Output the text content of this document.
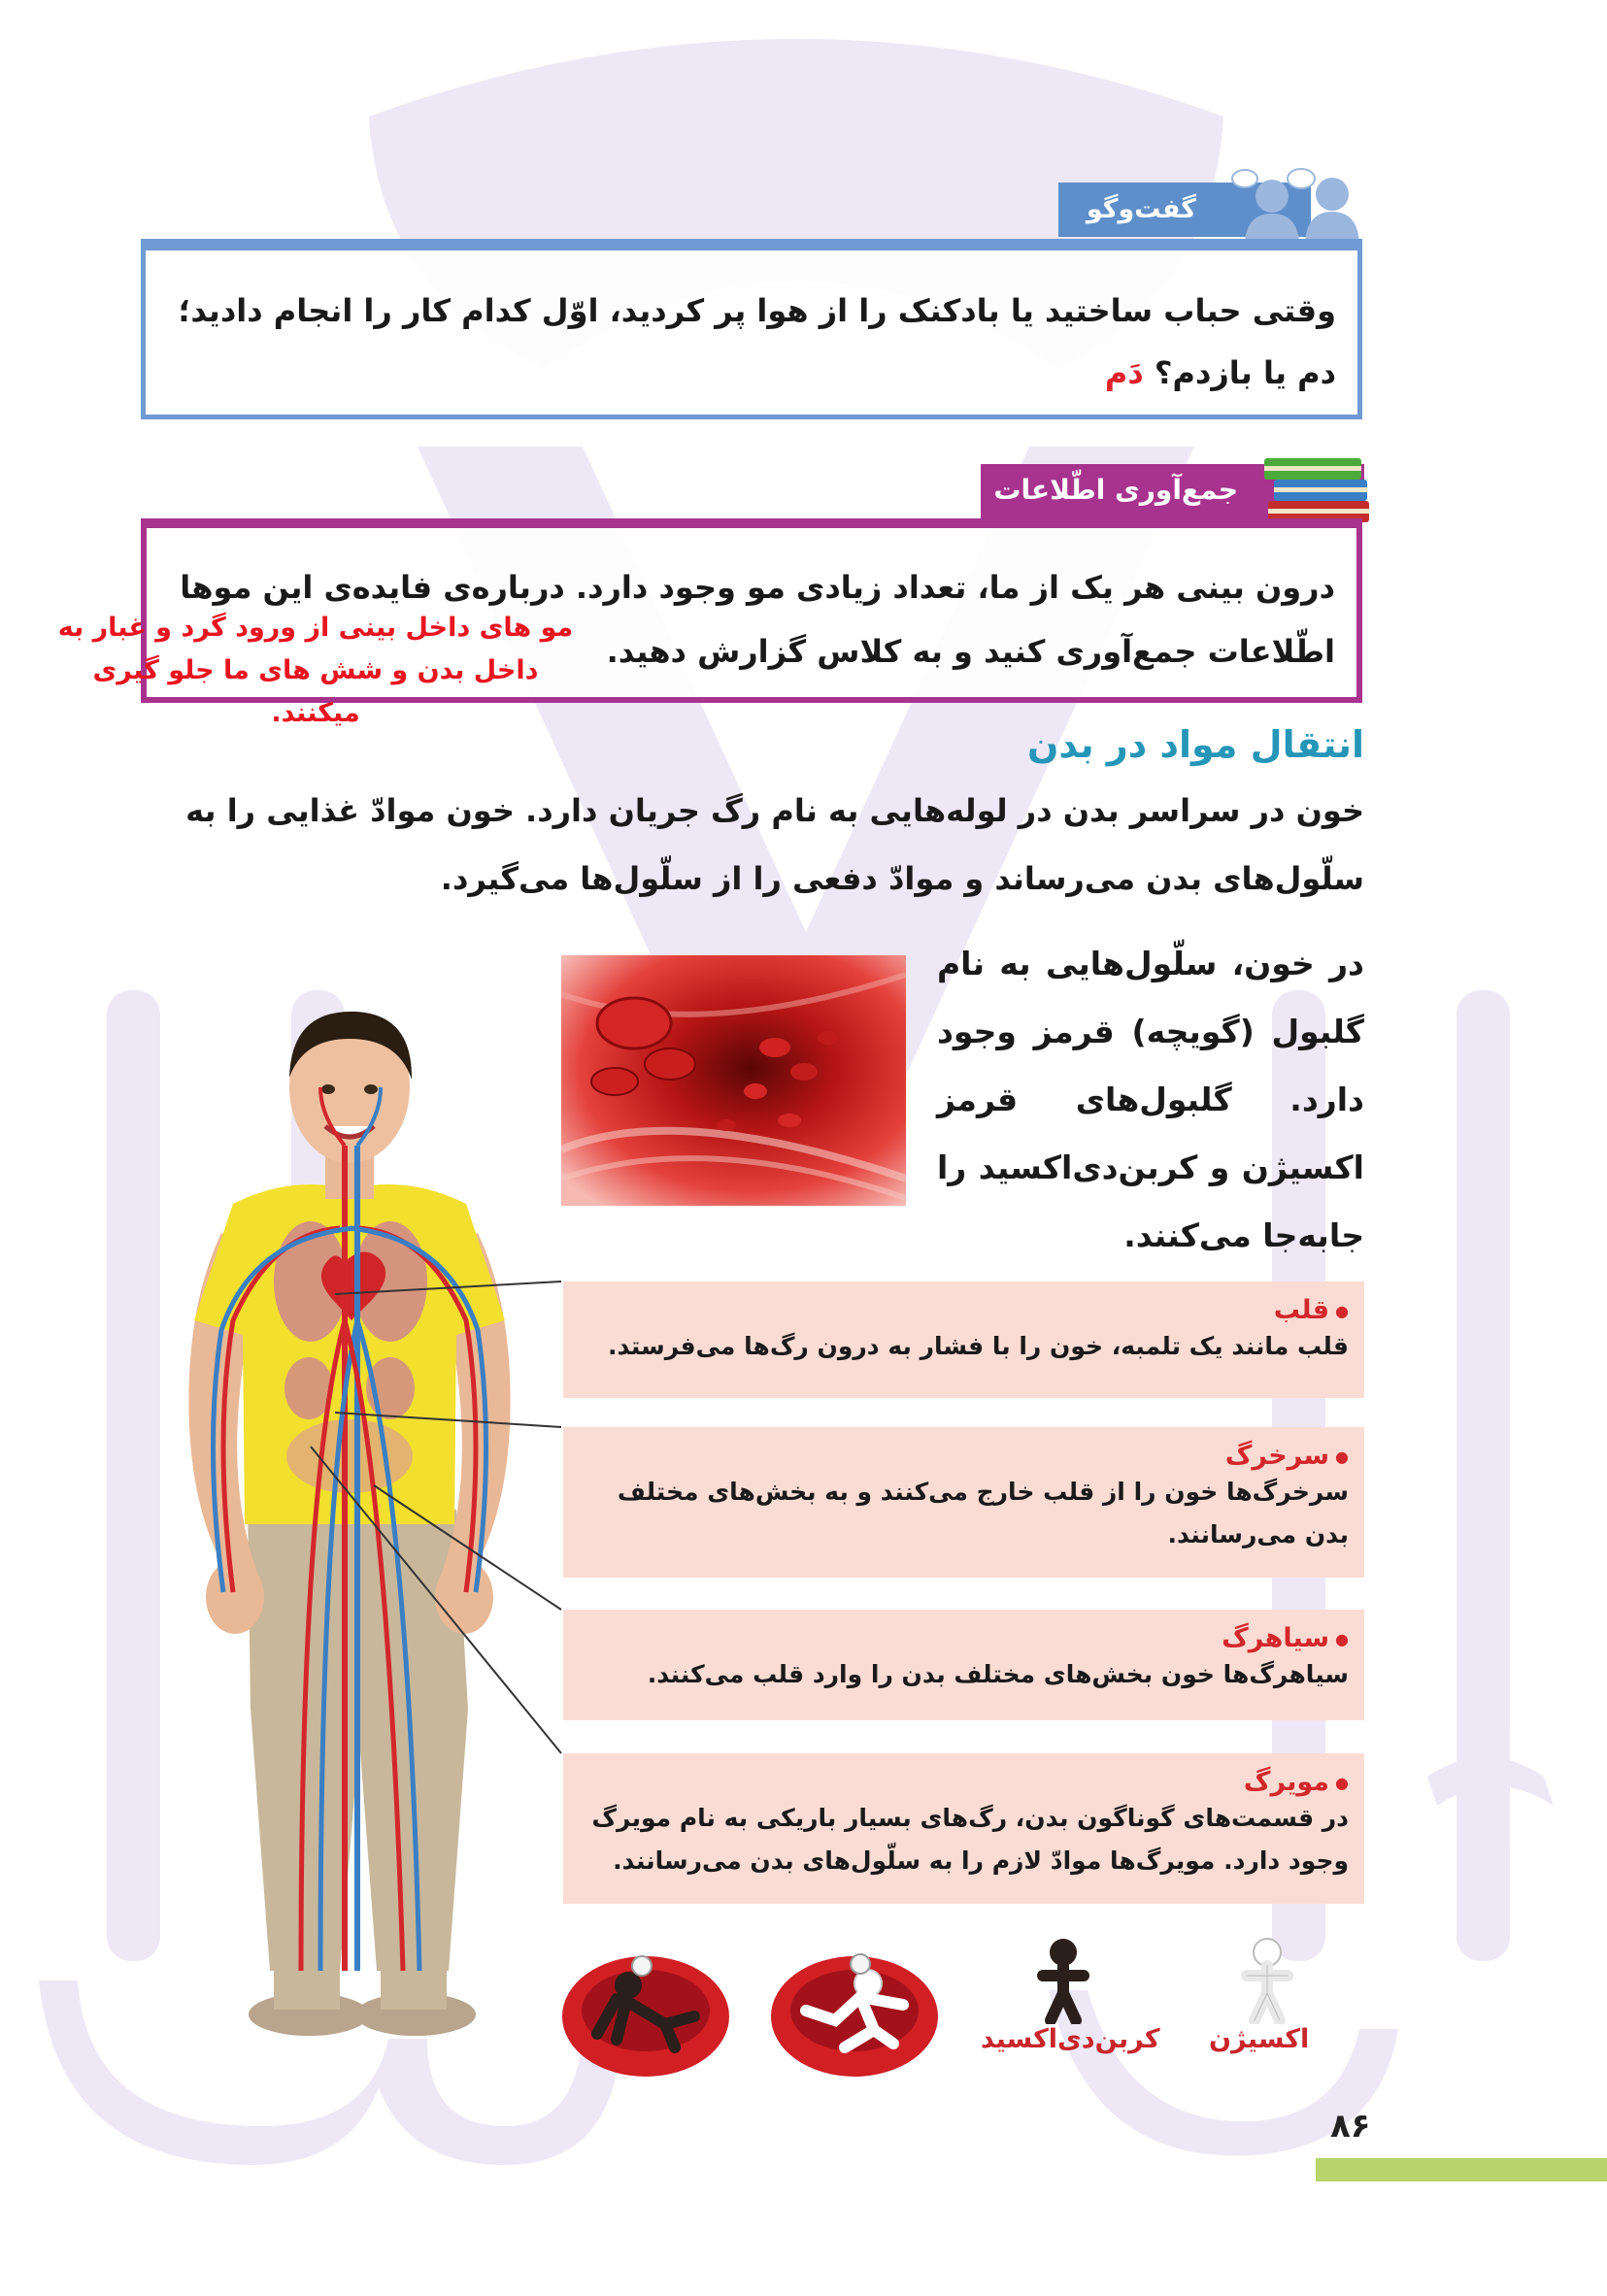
گفت‌وگو
وقتی حباب ساختید یا بادکنک را از هوا پر کردید، اوّل کدام کار را انجام دادید؛ دم یا بازدم؟ دَم
جمع‌آوری اطّلاعات
درون بینی هر یک از ما، تعداد زیادی مو وجود دارد. درباره‌ی فایده‌ی این موها اطّلاعات جمع‌آوری کنید و به کلاس گزارش دهید.
مو های داخل بینی از ورود گرد و غبار به داخل بدن و شش های ما جلو گیری میکنند.
انتقال مواد در بدن
خون در سراسر بدن در لوله‌هایی به نام رگ جریان دارد. خون موادّ غذایی را به سلّول‌های بدن می‌رساند و موادّ دفعی را از سلّول‌ها می‌گیرد.
در خون، سلّول‌هایی به نام گلبول (گویچه) قرمز وجود دارد. گلبول‌های قرمز اکسیژن و کربن‌دی‌اکسید را جابه‌جا می‌کنند.
● قلب
قلب مانند یک تلمبه، خون را با فشار به درون رگ‌ها می‌فرستد.
● سرخرگ
سرخرگ‌ها خون را از قلب خارج می‌کنند و به بخش‌های مختلف بدن می‌رسانند.
● سیاهرگ
سیاهرگ‌ها خون بخش‌های مختلف بدن را وارد قلب می‌کنند.
● مویرگ
در قسمت‌های گوناگون بدن، رگ‌های بسیار باریکی به نام مویرگ وجود دارد. مویرگ‌ها موادّ لازم را به سلّول‌های بدن می‌رسانند.
اکسیژن
کربن‌دی‌اکسید
۸۶
